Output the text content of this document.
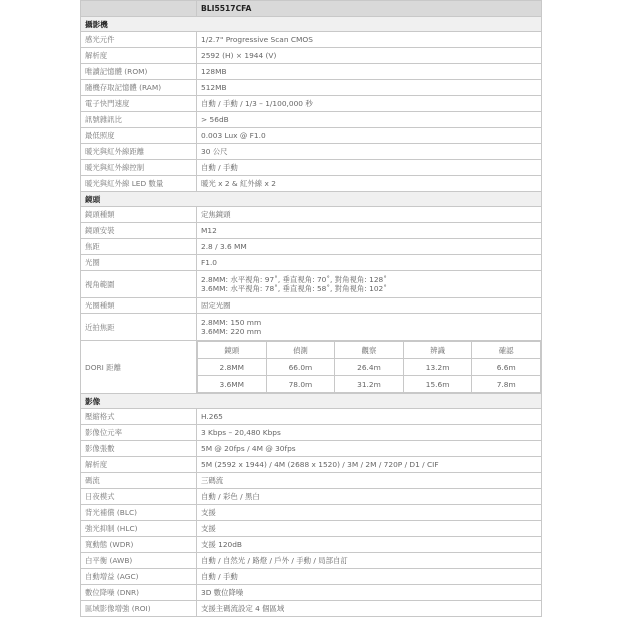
	BLI5517CFA
攝影機
感光元件	1/2.7" Progressive Scan CMOS
解析度	2592 (H) × 1944 (V)
唯讀記憶體 (ROM)	128MB
隨機存取記憶體 (RAM)	512MB
電子快門速度	自動 / 手動 / 1/3 – 1/100,000 秒
訊號雜訊比	> 56dB
最低照度	0.003 Lux @ F1.0
暖光與紅外線距離	30 公尺
暖光與紅外線控制	自動 / 手動
暖光與紅外線 LED 數量	暖光 x 2 & 紅外線 x 2
鏡頭
鏡頭種類	定焦鏡頭
鏡頭安裝	M12
焦距	2.8 / 3.6 MM
光圈	F1.0
視角範圍	2.8MM: 水平視角: 97˚, 垂直視角: 70˚, 對角視角: 128˚
3.6MM: 水平視角: 78˚, 垂直視角: 58˚, 對角視角: 102˚

光圈種類	固定光圈
近拍焦距	2.8MM: 150 mm
3.6MM: 220 mm

DORI 距離	
鏡頭	偵測	觀察	辨識	確認
2.8MM	66.0m	26.4m	13.2m	6.6m
3.6MM	78.0m	31.2m	15.6m	7.8m

影像
壓縮格式	H.265
影像位元率	3 Kbps – 20,480 Kbps
影像張數	5M @ 20fps / 4M @ 30fps
解析度	5M (2592 x 1944) / 4M (2688 x 1520) / 3M / 2M / 720P / D1 / CIF
碼流	三碼流
日夜模式	自動 / 彩色 / 黑白
背光補償 (BLC)	支援
強光抑制 (HLC)	支援
寬動態 (WDR)	支援 120dB
白平衡 (AWB)	自動 / 自然光 / 路燈 / 戶外 / 手動 / 局部自訂
自動增益 (AGC)	自動 / 手動
數位降噪 (DNR)	3D 數位降噪
區域影像增強 (ROI)	支援主碼流設定 4 個區域
